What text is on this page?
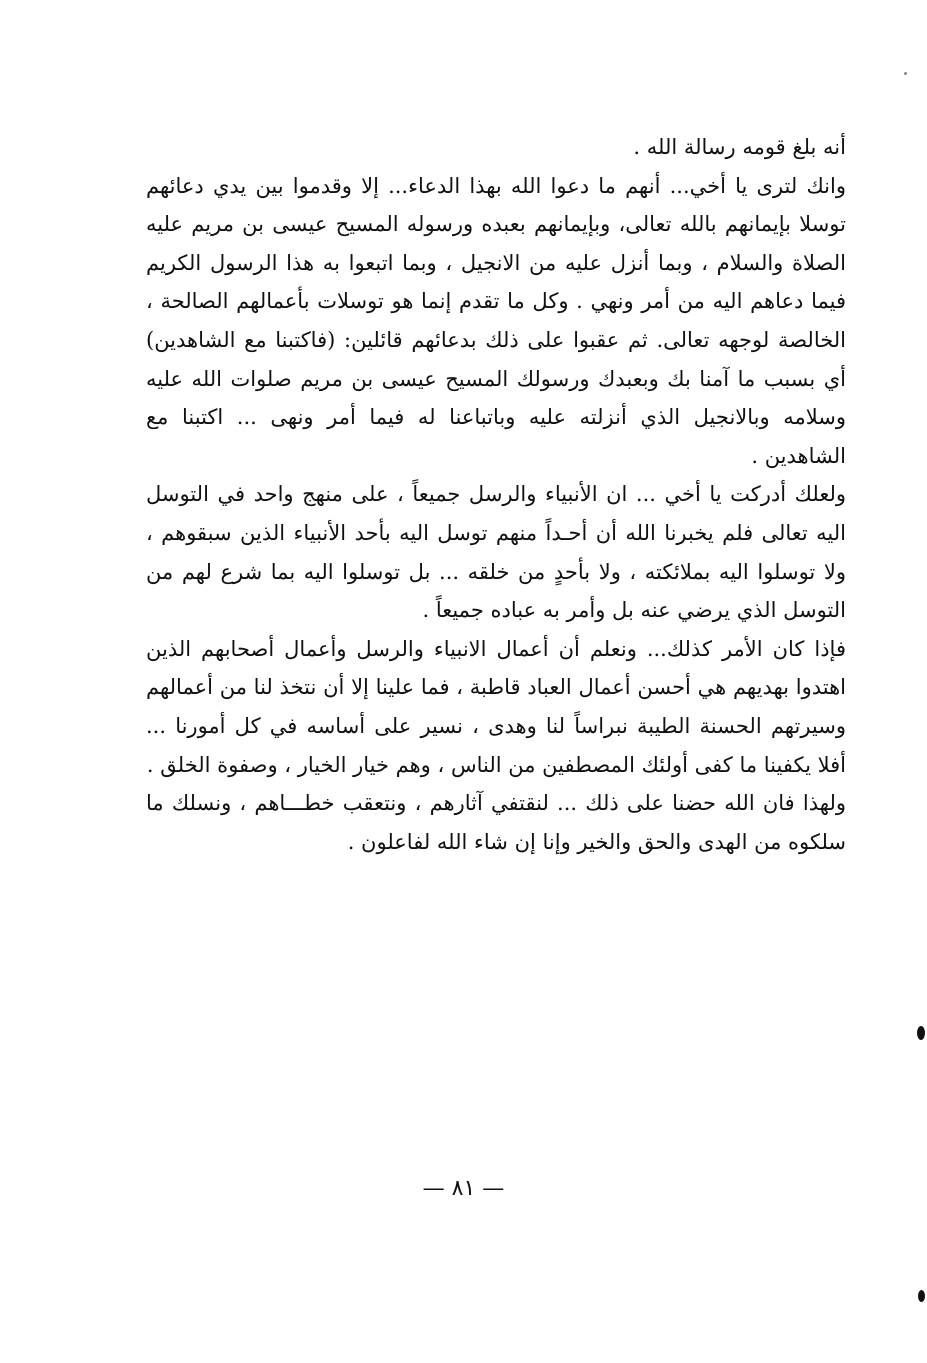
أنه بلغ قومه رسالة الله .

وانك لترى يا أخي... أنهم ما دعوا الله بهذا الدعاء... إلا وقدموا بين يدي دعائهم توسلا بإيمانهم بالله تعالى، وبإيمانهم بعبده ورسوله المسيح عيسى بن مريم عليه الصلاة والسلام ، وبما أنزل عليه من الانجيل ، وبما اتبعوا به هذا الرسول الكريم فيما دعاهم اليه من أمر ونهي . وكل ما تقدم إنما هو توسلات بأعمالهم الصالحة ، الخالصة لوجهه تعالى. ثم عقبوا على ذلك بدعائهم قائلين: (فاكتبنا مع الشاهدين) أي بسبب ما آمنا بك وبعبدك ورسولك المسيح عيسى بن مريم صلوات الله عليه وسلامه وبالانجيل الذي أنزلته عليه وباتباعنا له فيما أمر ونهى ... اكتبنا مع الشاهدين .

ولعلك أدركت يا أخي ... ان الأنبياء والرسل جميعاً ، على منهج واحد في التوسل اليه تعالى فلم يخبرنا الله أن أحـداً منهم توسل اليه بأحد الأنبياء الذين سبقوهم ، ولا توسلوا اليه بملائكته ، ولا بأحدٍ من خلقه ... بل توسلوا اليه بما شرع لهم من التوسل الذي يرضي عنه بل وأمر به عباده جميعاً .

فإذا كان الأمر كذلك... ونعلم أن أعمال الانبياء والرسل وأعمال أصحابهم الذين اهتدوا بهديهم هي أحسن أعمال العباد قاطبة ، فما علينا إلا أن نتخذ لنا من أعمالهم وسيرتهم الحسنة الطيبة نبراساً لنا وهدى ، نسير على أساسه في كل أمورنا ... أفلا يكفينا ما كفى أولئك المصطفين من الناس ، وهم خيار الخيار ، وصفوة الخلق .

ولهذا فان الله حضنا على ذلك ... لنقتفي آثارهم ، ونتعقب خطـــاهم ، ونسلك ما سلكوه من الهدى والحق والخير وإنا إن شاء الله لفاعلون .

— ٨١ —
